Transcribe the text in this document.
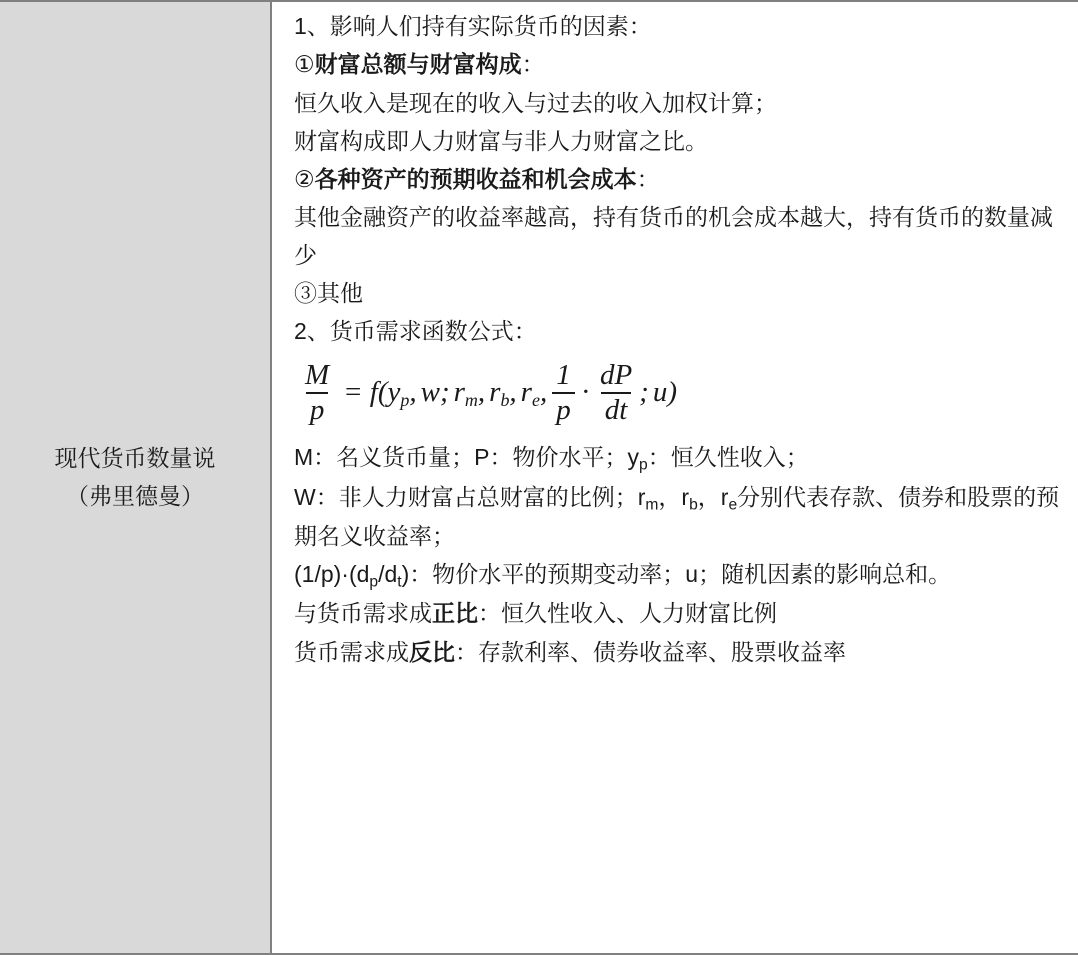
现代货币数量说
（弗里德曼）

1、影响人们持有实际货币的因素：

①财富总额与财富构成：

恒久收入是现在的收入与过去的收入加权计算；

财富构成即人力财富与非人力财富之比。

②各种资产的预期收益和机会成本：

其他金融资产的收益率越高，持有货币的机会成本越大，持有货币的数量减少

③其他

2、货币需求函数公式：

$\frac{M}{p} = f$ ( $y_p$ , w ; $r_m$ , $r_b$ , $r_e$ , $\frac{1}{p} \cdot \frac{dP}{dt}$ ; u )

M：名义货币量；P：物价水平；$y_p$：恒久性收入；

W：非人力财富占总财富的比例；$r_m$，$r_b$，$r_e$分别代表存款、债券和股票的预期名义收益率；

$(1/p)\cdot(d_p/d_t)$：物价水平的预期变动率；u；随机因素的影响总和。

与货币需求成正比：恒久性收入、人力财富比例

货币需求成反比：存款利率、债券收益率、股票收益率
